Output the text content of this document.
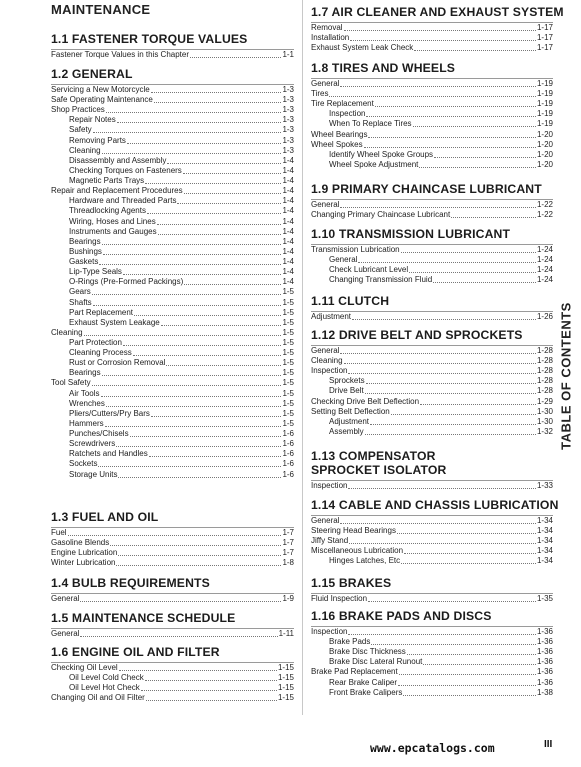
MAINTENANCE
1.1 FASTENER TORQUE VALUES
Fastener Torque Values in this Chapter	1-1
1.2 GENERAL
Servicing a New Motorcycle	1-3
Safe Operating Maintenance	1-3
Shop Practices	1-3
Repair Notes	1-3
Safety	1-3
Removing Parts	1-3
Cleaning	1-3
Disassembly and Assembly	1-4
Checking Torques on Fasteners	1-4
Magnetic Parts Trays	1-4
Repair and Replacement Procedures	1-4
Hardware and Threaded Parts	1-4
Threadlocking Agents	1-4
Wiring, Hoses and Lines	1-4
Instruments and Gauges	1-4
Bearings	1-4
Bushings	1-4
Gaskets	1-4
Lip-Type Seals	1-4
O-Rings (Pre-Formed Packings)	1-4
Gears	1-5
Shafts	1-5
Part Replacement	1-5
Exhaust System Leakage	1-5
Cleaning	1-5
Part Protection	1-5
Cleaning Process	1-5
Rust or Corrosion Removal	1-5
Bearings	1-5
Tool Safety	1-5
Air Tools	1-5
Wrenches	1-5
Pliers/Cutters/Pry Bars	1-5
Hammers	1-5
Punches/Chisels	1-6
Screwdrivers	1-6
Ratchets and Handles	1-6
Sockets	1-6
Storage Units	1-6
1.3 FUEL AND OIL
Fuel	1-7
Gasoline Blends	1-7
Engine Lubrication	1-7
Winter Lubrication	1-8
1.4 BULB REQUIREMENTS
General	1-9
1.5 MAINTENANCE SCHEDULE
General	1-11
1.6 ENGINE OIL AND FILTER
Checking Oil Level	1-15
Oil Level Cold Check	1-15
Oil Level Hot Check	1-15
Changing Oil and Oil Filter	1-15
1.7 AIR CLEANER AND EXHAUST SYSTEM
Removal	1-17
Installation	1-17
Exhaust System Leak Check	1-17
1.8 TIRES AND WHEELS
General	1-19
Tires	1-19
Tire Replacement	1-19
Inspection	1-19
When To Replace Tires	1-19
Wheel Bearings	1-20
Wheel Spokes	1-20
Identify Wheel Spoke Groups	1-20
Wheel Spoke Adjustment	1-20
1.9 PRIMARY CHAINCASE LUBRICANT
General	1-22
Changing Primary Chaincase Lubricant	1-22
1.10 TRANSMISSION LUBRICANT
Transmission Lubrication	1-24
General	1-24
Check Lubricant Level	1-24
Changing Transmission Fluid	1-24
1.11 CLUTCH
Adjustment	1-26
1.12 DRIVE BELT AND SPROCKETS
General	1-28
Cleaning	1-28
Inspection	1-28
Sprockets	1-28
Drive Belt	1-28
Checking Drive Belt Deflection	1-29
Setting Belt Deflection	1-30
Adjustment	1-30
Assembly	1-32
1.13 COMPENSATOR SPROCKET ISOLATOR
Inspection	1-33
1.14 CABLE AND CHASSIS LUBRICATION
General	1-34
Steering Head Bearings	1-34
Jiffy Stand	1-34
Miscellaneous Lubrication	1-34
Hinges Latches, Etc	1-34
1.15 BRAKES
Fluid Inspection	1-35
1.16 BRAKE PADS AND DISCS
Inspection	1-36
Brake Pads	1-36
Brake Disc Thickness	1-36
Brake Disc Lateral Runout	1-36
Brake Pad Replacement	1-36
Rear Brake Caliper	1-36
Front Brake Calipers	1-38
TABLE OF CONTENTS
www.epcatalogs.com	III
